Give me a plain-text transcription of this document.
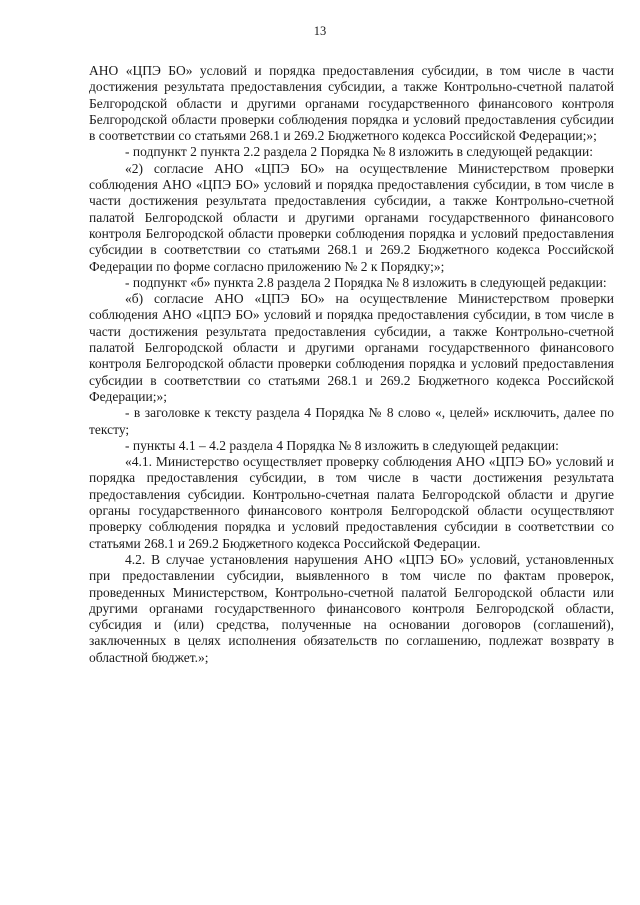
13

АНО «ЦПЭ БО» условий и порядка предоставления субсидии, в том числе в части достижения результата предоставления субсидии, а также Контрольно-счетной палатой Белгородской области и другими органами государственного финансового контроля Белгородской области проверки соблюдения порядка и условий предоставления субсидии в соответствии со статьями 268.1 и 269.2 Бюджетного кодекса Российской Федерации;»;

- подпункт 2 пункта 2.2 раздела 2 Порядка № 8 изложить в следующей редакции:

«2) согласие АНО «ЦПЭ БО» на осуществление Министерством проверки соблюдения АНО «ЦПЭ БО» условий и порядка предоставления субсидии, в том числе в части достижения результата предоставления субсидии, а также Контрольно-счетной палатой Белгородской области и другими органами государственного финансового контроля Белгородской области проверки соблюдения порядка и условий предоставления субсидии в соответствии со статьями 268.1 и 269.2 Бюджетного кодекса Российской Федерации по форме согласно приложению № 2 к Порядку;»;

- подпункт «б» пункта 2.8 раздела 2 Порядка № 8 изложить в следующей редакции:

«б) согласие АНО «ЦПЭ БО» на осуществление Министерством проверки соблюдения АНО «ЦПЭ БО» условий и порядка предоставления субсидии, в том числе в части достижения результата предоставления субсидии, а также Контрольно-счетной палатой Белгородской области и другими органами государственного финансового контроля Белгородской области проверки соблюдения порядка и условий предоставления субсидии в соответствии со статьями 268.1 и 269.2 Бюджетного кодекса Российской Федерации;»;

- в заголовке к тексту раздела 4 Порядка № 8 слово «, целей» исключить, далее по тексту;

- пункты 4.1 – 4.2 раздела 4 Порядка № 8 изложить в следующей редакции:

«4.1. Министерство осуществляет проверку соблюдения АНО «ЦПЭ БО» условий и порядка предоставления субсидии, в том числе в части достижения результата предоставления субсидии. Контрольно-счетная палата Белгородской области и другие органы государственного финансового контроля Белгородской области осуществляют проверку соблюдения порядка и условий предоставления субсидии в соответствии со статьями 268.1 и 269.2 Бюджетного кодекса Российской Федерации.

4.2. В случае установления нарушения АНО «ЦПЭ БО» условий, установленных при предоставлении субсидии, выявленного в том числе по фактам проверок, проведенных Министерством, Контрольно-счетной палатой Белгородской области или другими органами государственного финансового контроля Белгородской области, субсидия и (или) средства, полученные на основании договоров (соглашений), заключенных в целях исполнения обязательств по соглашению, подлежат возврату в областной бюджет.»;
